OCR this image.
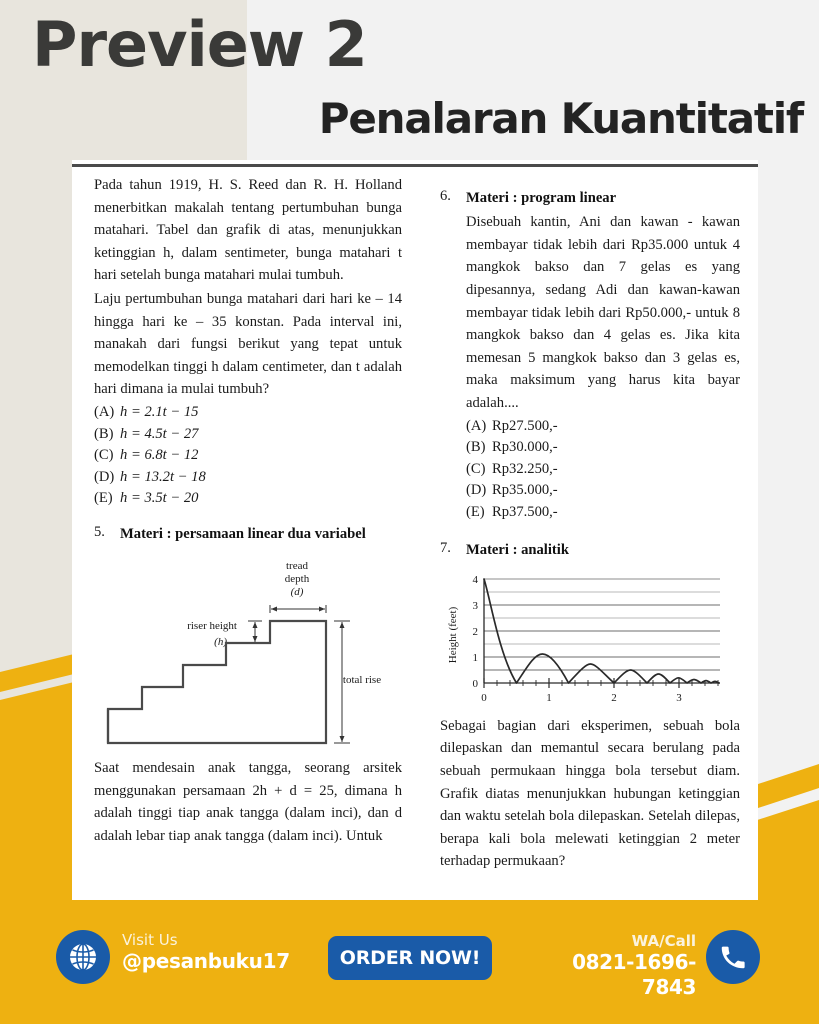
Preview 2
Penalaran Kuantitatif

Pada tahun 1919, H. S. Reed dan R. H. Holland menerbitkan makalah tentang pertumbuhan bunga matahari. Tabel dan grafik di atas, menunjukkan ketinggian h, dalam sentimeter, bunga matahari t hari setelah bunga matahari mulai tumbuh.

Laju pertumbuhan bunga matahari dari hari ke – 14 hingga hari ke – 35 konstan. Pada interval ini, manakah dari fungsi berikut yang tepat untuk memodelkan tinggi h dalam centimeter, dan t adalah hari dimana ia mulai tumbuh?

(A) h = 2.1t − 15
(B) h = 4.5t − 27
(C) h = 6.8t − 12
(D) h = 13.2t − 18
(E) h = 3.5t − 20
5.	Materi : persamaan linear dua variabel
tread
depth
(d)
riser height
(h)
total rise

Saat mendesain anak tangga, seorang arsitek menggunakan persamaan 2h + d = 25, dimana h adalah tinggi tiap anak tangga (dalam inci), dan d adalah lebar tiap anak tangga (dalam inci). Untuk

6.	Materi : program linear

Disebuah kantin, Ani dan kawan - kawan membayar tidak lebih dari Rp35.000 untuk 4 mangkok bakso dan 7 gelas es yang dipesannya, sedang Adi dan kawan-kawan membayar tidak lebih dari Rp50.000,- untuk 8 mangkok bakso dan 4 gelas es. Jika kita memesan 5 mangkok bakso dan 3 gelas es, maka maksimum yang harus kita bayar adalah....

(A) Rp27.500,-
(B) Rp30.000,-
(C) Rp32.250,-
(D) Rp35.000,-
(E) Rp37.500,-
7.	Materi : analitik
Height (feet)
4
3
2
1
0
0	1	2	3

Sebagai bagian dari eksperimen, sebuah bola dilepaskan dan memantul secara berulang pada sebuah permukaan hingga bola tersebut diam. Grafik diatas menunjukkan hubungan ketinggian dan waktu setelah bola dilepaskan. Setelah dilepas, berapa kali bola melewati ketinggian 2 meter terhadap permukaan?

Visit Us
@pesanbuku17	ORDER NOW!
WA/Call
0821-1696-7843
